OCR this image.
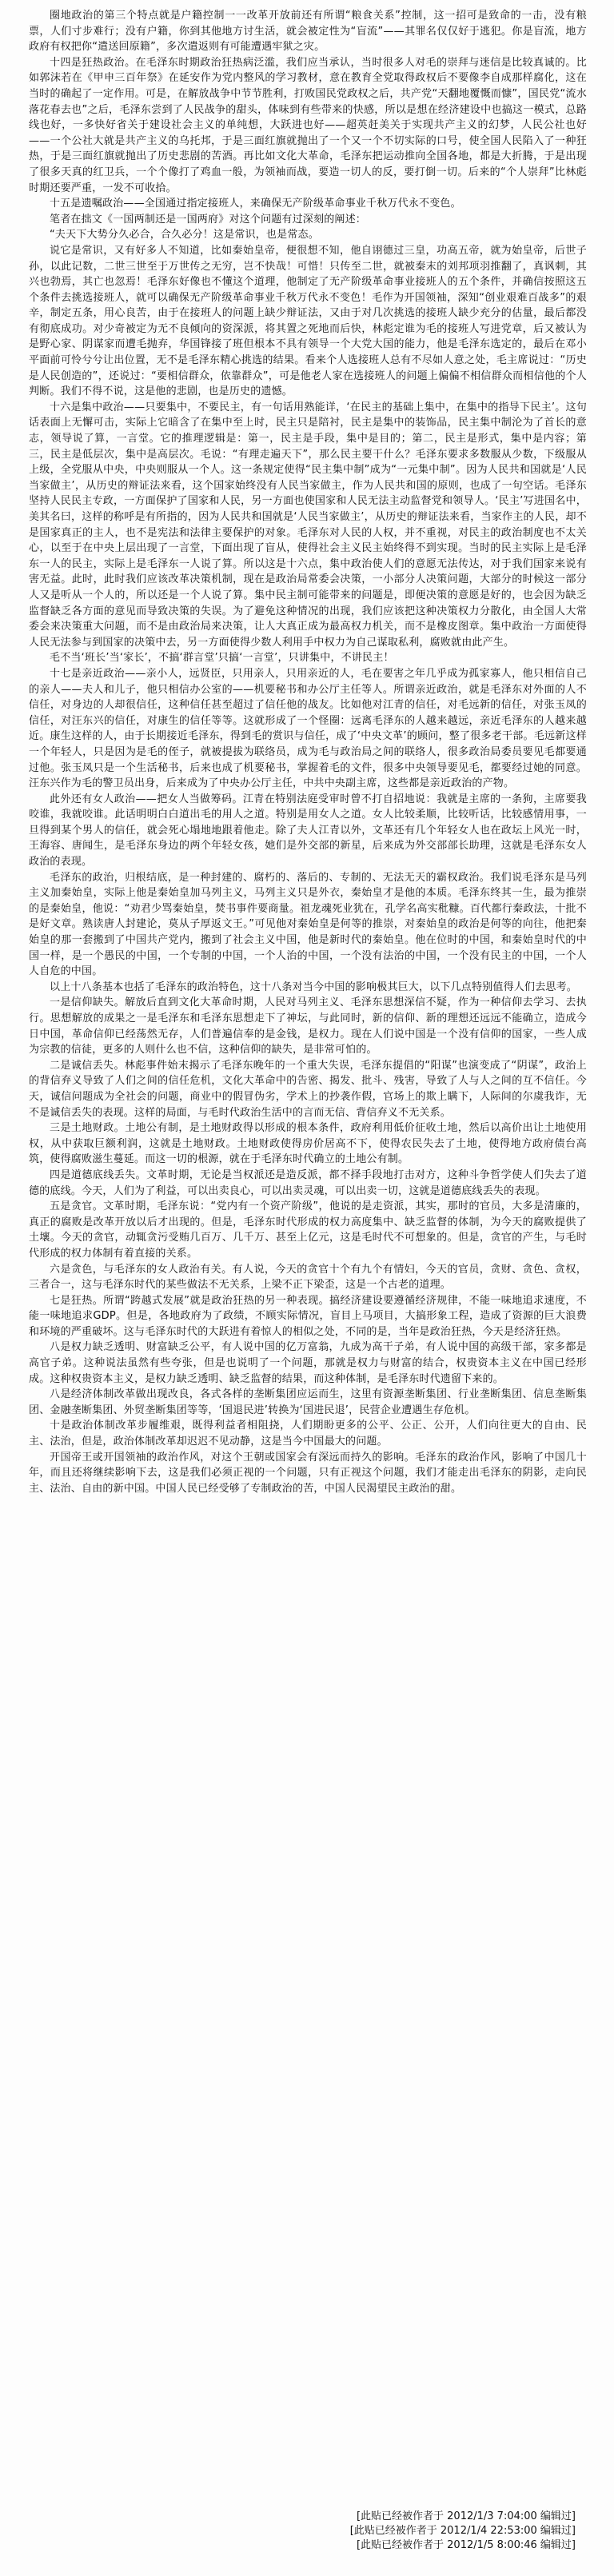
圈地政治的第三个特点就是户籍控制一一改革开放前还有所谓“粮食关系”控制，这一招可是致命的一击，没有粮票，人们寸步难行；没有户籍，你到其他地方讨生活，就会被定性为“盲流”——其罪名仅仅好于逃犯。你是盲流，地方政府有权把你“遣送回原籍”，多次遣返则有可能遭遇牢狱之灾。

十四是狂热政治。在毛泽东时期政治狂热病泛滥，我们应当承认，当时很多人对毛的崇拜与迷信是比较真诚的。比如郭沫若在《甲申三百年祭》在延安作为党内整风的学习教材，意在教育全党取得政权后不要像李自成那样腐化，这在当时的确起了一定作用。可是，在解放战争中节节胜利，打败国民党政权之后，共产党“天翻地覆慨而慷”，国民党“流水落花春去也”之后，毛泽东尝到了人民战争的甜头，体味到有些带来的快感，所以是想在经济建设中也搞这一模式，总路线也好，一多快好省关于建设社会主义的单纯想，大跃进也好——超英赶美关于实现共产主义的幻梦，人民公社也好——一个公社大就是共产主义的乌托邦，于是三面红旗就抛出了一个又一个不切实际的口号，使全国人民陷入了一种狂热，于是三面红旗就抛出了历史悲剧的苦酒。再比如文化大革命，毛泽东把运动推向全国各地，都是大折腾，于是出现了很多天真的红卫兵，一个个像打了鸡血一般，为领袖而战，要造一切人的反，要打倒一切。后来的“个人崇拜”比林彪时期还要严重，一发不可收拾。

十五是遗嘱政治——全国通过指定接班人，来确保无产阶级革命事业千秋万代永不变色。

笔者在拙文《一国两制还是一国两府》对这个问题有过深刻的阐述：

“夫天下大势分久必合，合久必分！这是常识，也是常态。

说它是常识，又有好多人不知道，比如秦始皇帝，便很想不知，他自诩德过三皇，功高五帝，就为始皇帝，后世子孙，以此记数，二世三世至于万世传之无穷，岂不快哉！可惜！只传至二世，就被秦末的刘邦项羽推翻了，真讽刺，其兴也勃焉，其亡也忽焉！毛泽东好像也不懂这个道理，他制定了无产阶级革命事业接班人的五个条件，并确信按照这五个条件去挑选接班人，就可以确保无产阶级革命事业千秋万代永不变色！毛作为开国领袖，深知“创业艰难百战多”的艰辛，制定五条，用心良苦，由于在接班人的问题上缺少辩证法，又由于对几次挑选的接班人缺少充分的估量，最后都没有彻底成功。对少奇被定为无不良倾向的资深派，将其置之死地而后快，林彪定谁为毛的接班人写进党章，后又被认为是野心家、阴谋家而遭毛抛弃，华国锋接了班但根本不具有领导一个大党大国的能力，他是毛泽东选定的，最后在邓小平面前可怜兮兮让出位置，无不是毛泽东精心挑选的结果。看来个人选接班人总有不尽如人意之处，毛主席说过：“历史是人民创造的”，还说过：“要相信群众，依靠群众”，可是他老人家在选接班人的问题上偏偏不相信群众而相信他的个人判断。我们不得不说，这是他的悲剧，也是历史的遗憾。

十六是集中政治——只要集中，不要民主，有一句话用熟能详，‘在民主的基础上集中，在集中的指导下民主’。这句话表面上无懈可击，实际上它暗含了在集中至上时，民主只是陪衬，民主是集中的装饰品，民主集中制沦为了首长的意志，领导说了算，一言堂。它的推理逻辑是：第一，民主是手段，集中是目的；第二，民主是形式，集中是内容；第三，民主是低层次，集中是高层次。毛说：“有理走遍天下”，那么民主要干什么？毛泽东要求多数服从少数，下级服从上级，全党服从中央，中央则服从一个人。这一条规定使得“民主集中制”成为“一元集中制”。因为人民共和国就是‘人民当家做主’，从历史的辩证法来看，这个国家始终没有人民当家做主，作为人民共和国的原则，也成了一句空话。毛泽东坚持人民民主专政，一方面保护了国家和人民，另一方面也使国家和人民无法主动监督党和领导人。‘民主’写进国名中，美其名曰，这样的称呼是有所指的，因为人民共和国就是‘人民当家做主’，从历史的辩证法来看，当家作主的人民，却不是国家真正的主人，也不是宪法和法律主要保护的对象。毛泽东对人民的人权，并不重视，对民主的政治制度也不太关心，以至于在中央上层出现了一言堂，下面出现了盲从，使得社会主义民主始终得不到实现。当时的民主实际上是毛泽东一人的民主，实际上是毛泽东一人说了算。所以这是十六点，集中政治使人们的意愿无法传达，对于我们国家来说有害无益。此时，此时我们应该改革决策机制，现在是政治局常委会决策，一小部分人决策问题，大部分的时候这一部分人又是听从一个人的，所以还是一个人说了算。集中民主制可能带来的问题是，即便决策的意愿是好的，也会因为缺乏监督缺乏各方面的意见而导致决策的失误。为了避免这种情况的出现，我们应该把这种决策权力分散化，由全国人大常委会来决策重大问题，而不是由政治局来决策，让人大真正成为最高权力机关，而不是橡皮图章。集中政治一方面使得人民无法参与到国家的决策中去，另一方面使得少数人利用手中权力为自己谋取私利，腐败就由此产生。

毛不当‘班长’当‘家长’，不搞‘群言堂’只搞‘一言堂’，只讲集中，不讲民主！

十七是亲近政治——亲小人，远贤臣，只用亲人，只用亲近的人，毛在要害之年几乎成为孤家寡人，他只相信自己的亲人——夫人和儿子，他只相信办公室的——机要秘书和办公厅主任等人。所谓亲近政治，就是毛泽东对外面的人不信任，对身边的人却很信任，这种信任甚至超过了信任他的战友。比如他对江青的信任，对毛远新的信任，对张玉凤的信任，对汪东兴的信任，对康生的信任等等。这就形成了一个怪圈：远离毛泽东的人越来越远，亲近毛泽东的人越来越近。康生这样的人，由于长期接近毛泽东，得到毛的赏识与信任，成了‘中央文革’的顾问，整了很多老干部。毛远新这样一个年轻人，只是因为是毛的侄子，就被提拔为联络员，成为毛与政治局之间的联络人，很多政治局委员要见毛都要通过他。张玉凤只是一个生活秘书，后来也成了机要秘书，掌握着毛的文件，很多中央领导要见毛，都要经过她的同意。汪东兴作为毛的警卫员出身，后来成为了中央办公厅主任，中共中央副主席，这些都是亲近政治的产物。

此外还有女人政治——把女人当做筹码。江青在特别法庭受审时曾不打自招地说：我就是主席的一条狗，主席要我咬谁，我就咬谁。此话明明白白道出毛的用人之道。特别是用女人之道。女人比较柔顺，比较听话，比较感情用事，一旦得到某个男人的信任，就会死心塌地地跟着他走。除了夫人江青以外，文革还有几个年轻女人也在政坛上风光一时，王海容、唐闻生，是毛泽东身边的两个年轻女孩，她们是外交部的新星，后来成为外交部部长助理，这就是毛泽东女人政治的表现。

毛泽东的政治，归根结底，是一种封建的、腐朽的、落后的、专制的、无法无天的霸权政治。我们说毛泽东是马列主义加秦始皇，实际上他是秦始皇加马列主义，马列主义只是外衣，秦始皇才是他的本质。毛泽东终其一生，最为推崇的是秦始皇，他说：“劝君少骂秦始皇，焚书事件要商量。祖龙魂死业犹在，孔学名高实秕糠。百代都行秦政法，十批不是好文章。熟读唐人封建论，莫从子厚返文王。”可见他对秦始皇是何等的推崇，对秦始皇的政治是何等的向往，他把秦始皇的那一套搬到了中国共产党内，搬到了社会主义中国，他是新时代的秦始皇。他在位时的中国，和秦始皇时代的中国一样，是一个愚民的中国，一个专制的中国，一个人治的中国，一个没有法治的中国，一个没有民主的中国，一个人人自危的中国。

以上十八条基本也括了毛泽东的政治特色，这十八条对当今中国的影响极其巨大，以下几点特别值得人们去思考。

一是信仰缺失。解放后直到文化大革命时期，人民对马列主义、毛泽东思想深信不疑，作为一种信仰去学习、去执行。思想解放的成果之一是毛泽东和毛泽东思想走下了神坛，与此同时，新的信仰、新的理想还远远不能确立，造成今日中国，革命信仰已经荡然无存，人们普遍信奉的是金钱，是权力。现在人们说中国是一个没有信仰的国家，一些人成为宗教的信徒，更多的人则什么也不信，这种信仰的缺失，是非常可怕的。

二是诚信丢失。林彪事件始末揭示了毛泽东晚年的一个重大失误，毛泽东提倡的“阳谋”也演变成了“阴谋”，政治上的背信弃义导致了人们之间的信任危机，文化大革命中的告密、揭发、批斗、残害，导致了人与人之间的互不信任。今天，诚信问题成为全社会的问题，商业中的假冒伪劣，学术上的抄袭作假，官场上的欺上瞒下，人际间的尔虞我诈，无不是诚信丢失的表现。这样的局面，与毛时代政治生活中的言而无信、背信弃义不无关系。

三是土地财政。土地公有制，是土地财政得以形成的根本条件，政府利用低价征收土地，然后以高价出让土地使用权，从中获取巨额利润，这就是土地财政。土地财政使得房价居高不下，使得农民失去了土地，使得地方政府债台高筑，使得腐败滋生蔓延。而这一切的根源，就在于毛泽东时代确立的土地公有制。

四是道德底线丢失。文革时期，无论是当权派还是造反派，都不择手段地打击对方，这种斗争哲学使人们失去了道德的底线。今天，人们为了利益，可以出卖良心，可以出卖灵魂，可以出卖一切，这就是道德底线丢失的表现。

五是贪官。文革时期，毛泽东说：“党内有一个资产阶级”，他说的是走资派，其实，那时的官员，大多是清廉的，真正的腐败是改革开放以后才出现的。但是，毛泽东时代形成的权力高度集中、缺乏监督的体制，为今天的腐败提供了土壤。今天的贪官，动辄贪污受贿几百万、几千万、甚至上亿元，这是毛时代不可想象的。但是，贪官的产生，与毛时代形成的权力体制有着直接的关系。

六是贪色，与毛泽东的女人政治有关。有人说，今天的贪官十个有九个有情妇，今天的官员，贪财、贪色、贪权，三者合一，这与毛泽东时代的某些做法不无关系，上梁不正下梁歪，这是一个古老的道理。

七是狂热。所谓“跨越式发展”就是政治狂热的另一种表现。搞经济建设要遵循经济规律，不能一味地追求速度，不能一味地追求GDP。但是，各地政府为了政绩，不顾实际情况，盲目上马项目，大搞形象工程，造成了资源的巨大浪费和环境的严重破坏。这与毛泽东时代的大跃进有着惊人的相似之处，不同的是，当年是政治狂热，今天是经济狂热。

八是权力缺乏透明、财富缺乏公平，有人说中国的亿万富翁，九成为高干子弟，有人说中国的高级干部，家多都是高官子弟。这种说法虽然有些夸张，但是也说明了一个问题，那就是权力与财富的结合，权贵资本主义在中国已经形成。这种权贵资本主义，是权力缺乏透明、缺乏监督的结果，而这种体制，是毛泽东时代遗留下来的。

八是经济体制改革做出现改良，各式各样的垄断集团应运而生，这里有资源垄断集团、行业垄断集团、信息垄断集团、金融垄断集团、外贸垄断集团等等，‘国退民进’转换为‘国进民退’，民营企业遭遇生存危机。

十是政治体制改革步履维艰，既得利益者相阻挠，人们期盼更多的公平、公正、公开，人们向往更大的自由、民主、法治，但是，政治体制改革却迟迟不见动静，这是当今中国最大的问题。

开国帝王或开国领袖的政治作风，对这个王朝或国家会有深远而持久的影响。毛泽东的政治作风，影响了中国几十年，而且还将继续影响下去，这是我们必须正视的一个问题，只有正视这个问题，我们才能走出毛泽东的阴影，走向民主、法治、自由的新中国。中国人民已经受够了专制政治的苦，中国人民渴望民主政治的甜。

[此贴已经被作者于 2012/1/3 7:04:00 编辑过]
[此贴已经被作者于 2012/1/4 22:53:00 编辑过]
[此贴已经被作者于 2012/1/5 8:00:46 编辑过]
